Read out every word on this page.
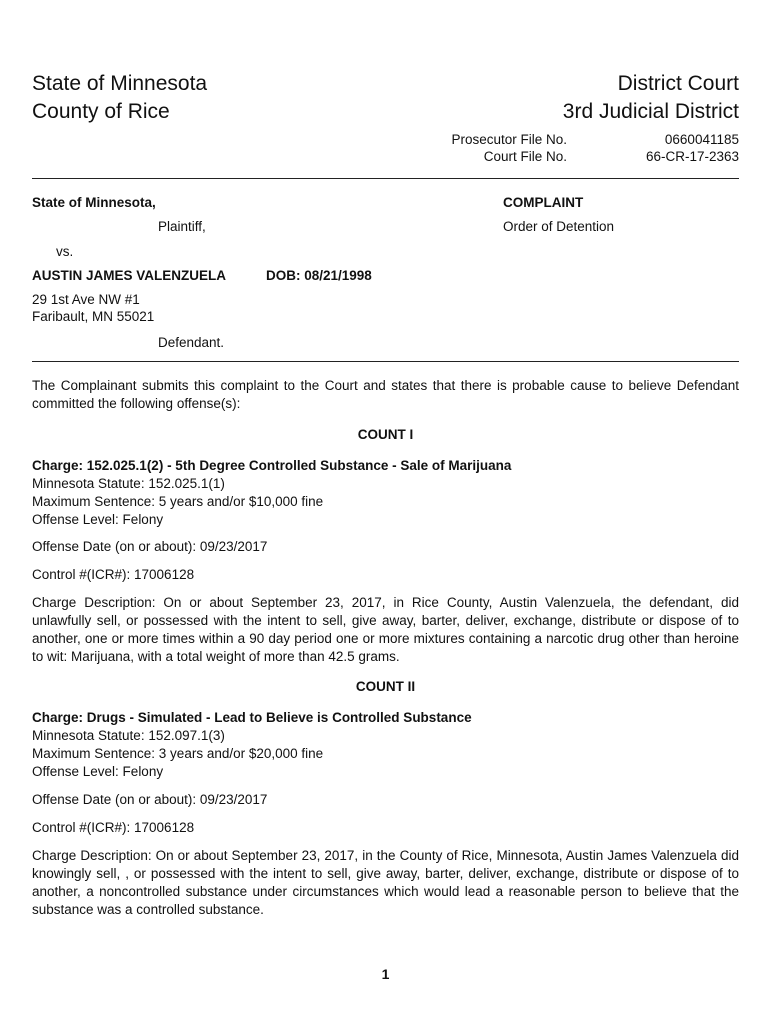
State of Minnesota
County of Rice
District Court
3rd Judicial District
Prosecutor File No.
Court File No.
0660041185
66-CR-17-2363
State of Minnesota,
Plaintiff,
vs.
AUSTIN JAMES VALENZUELA	DOB: 08/21/1998
29 1st Ave NW #1
Faribault, MN 55021
Defendant.
COMPLAINT
Order of Detention
The Complainant submits this complaint to the Court and states that there is probable cause to believe Defendant committed the following offense(s):
COUNT I
Charge: 152.025.1(2) - 5th Degree Controlled Substance - Sale of Marijuana
Minnesota Statute: 152.025.1(1)
Maximum Sentence: 5 years and/or $10,000 fine
Offense Level: Felony
Offense Date (on or about): 09/23/2017
Control #(ICR#): 17006128
Charge Description: On or about September 23, 2017, in Rice County, Austin Valenzuela, the defendant, did unlawfully sell, or possessed with the intent to sell, give away, barter, deliver, exchange, distribute or dispose of to another, one or more times within a 90 day period one or more mixtures containing a narcotic drug other than heroine to wit: Marijuana, with a total weight of more than 42.5 grams.
COUNT II
Charge: Drugs - Simulated - Lead to Believe is Controlled Substance
Minnesota Statute: 152.097.1(3)
Maximum Sentence: 3 years and/or $20,000 fine
Offense Level: Felony
Offense Date (on or about): 09/23/2017
Control #(ICR#): 17006128
Charge Description: On or about September 23, 2017, in the County of Rice, Minnesota, Austin James Valenzuela did knowingly sell, , or possessed with the intent to sell, give away, barter, deliver, exchange, distribute or dispose of to another, a noncontrolled substance under circumstances which would lead a reasonable person to believe that the substance was a controlled substance.
1
